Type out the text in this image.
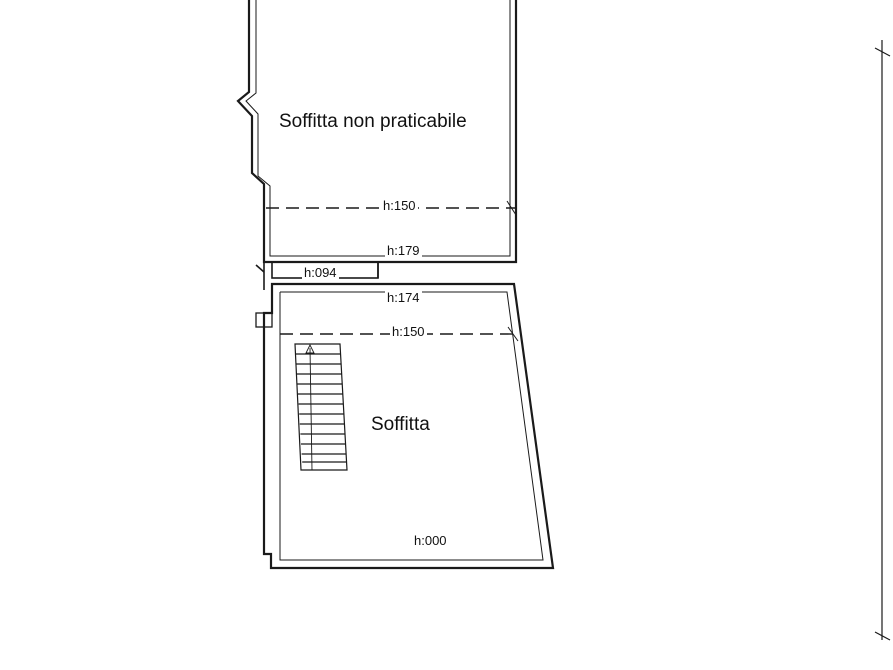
Soffitta non praticabile
Soffitta
h:150
h:179
h:094
h:174
h:150
h:000
